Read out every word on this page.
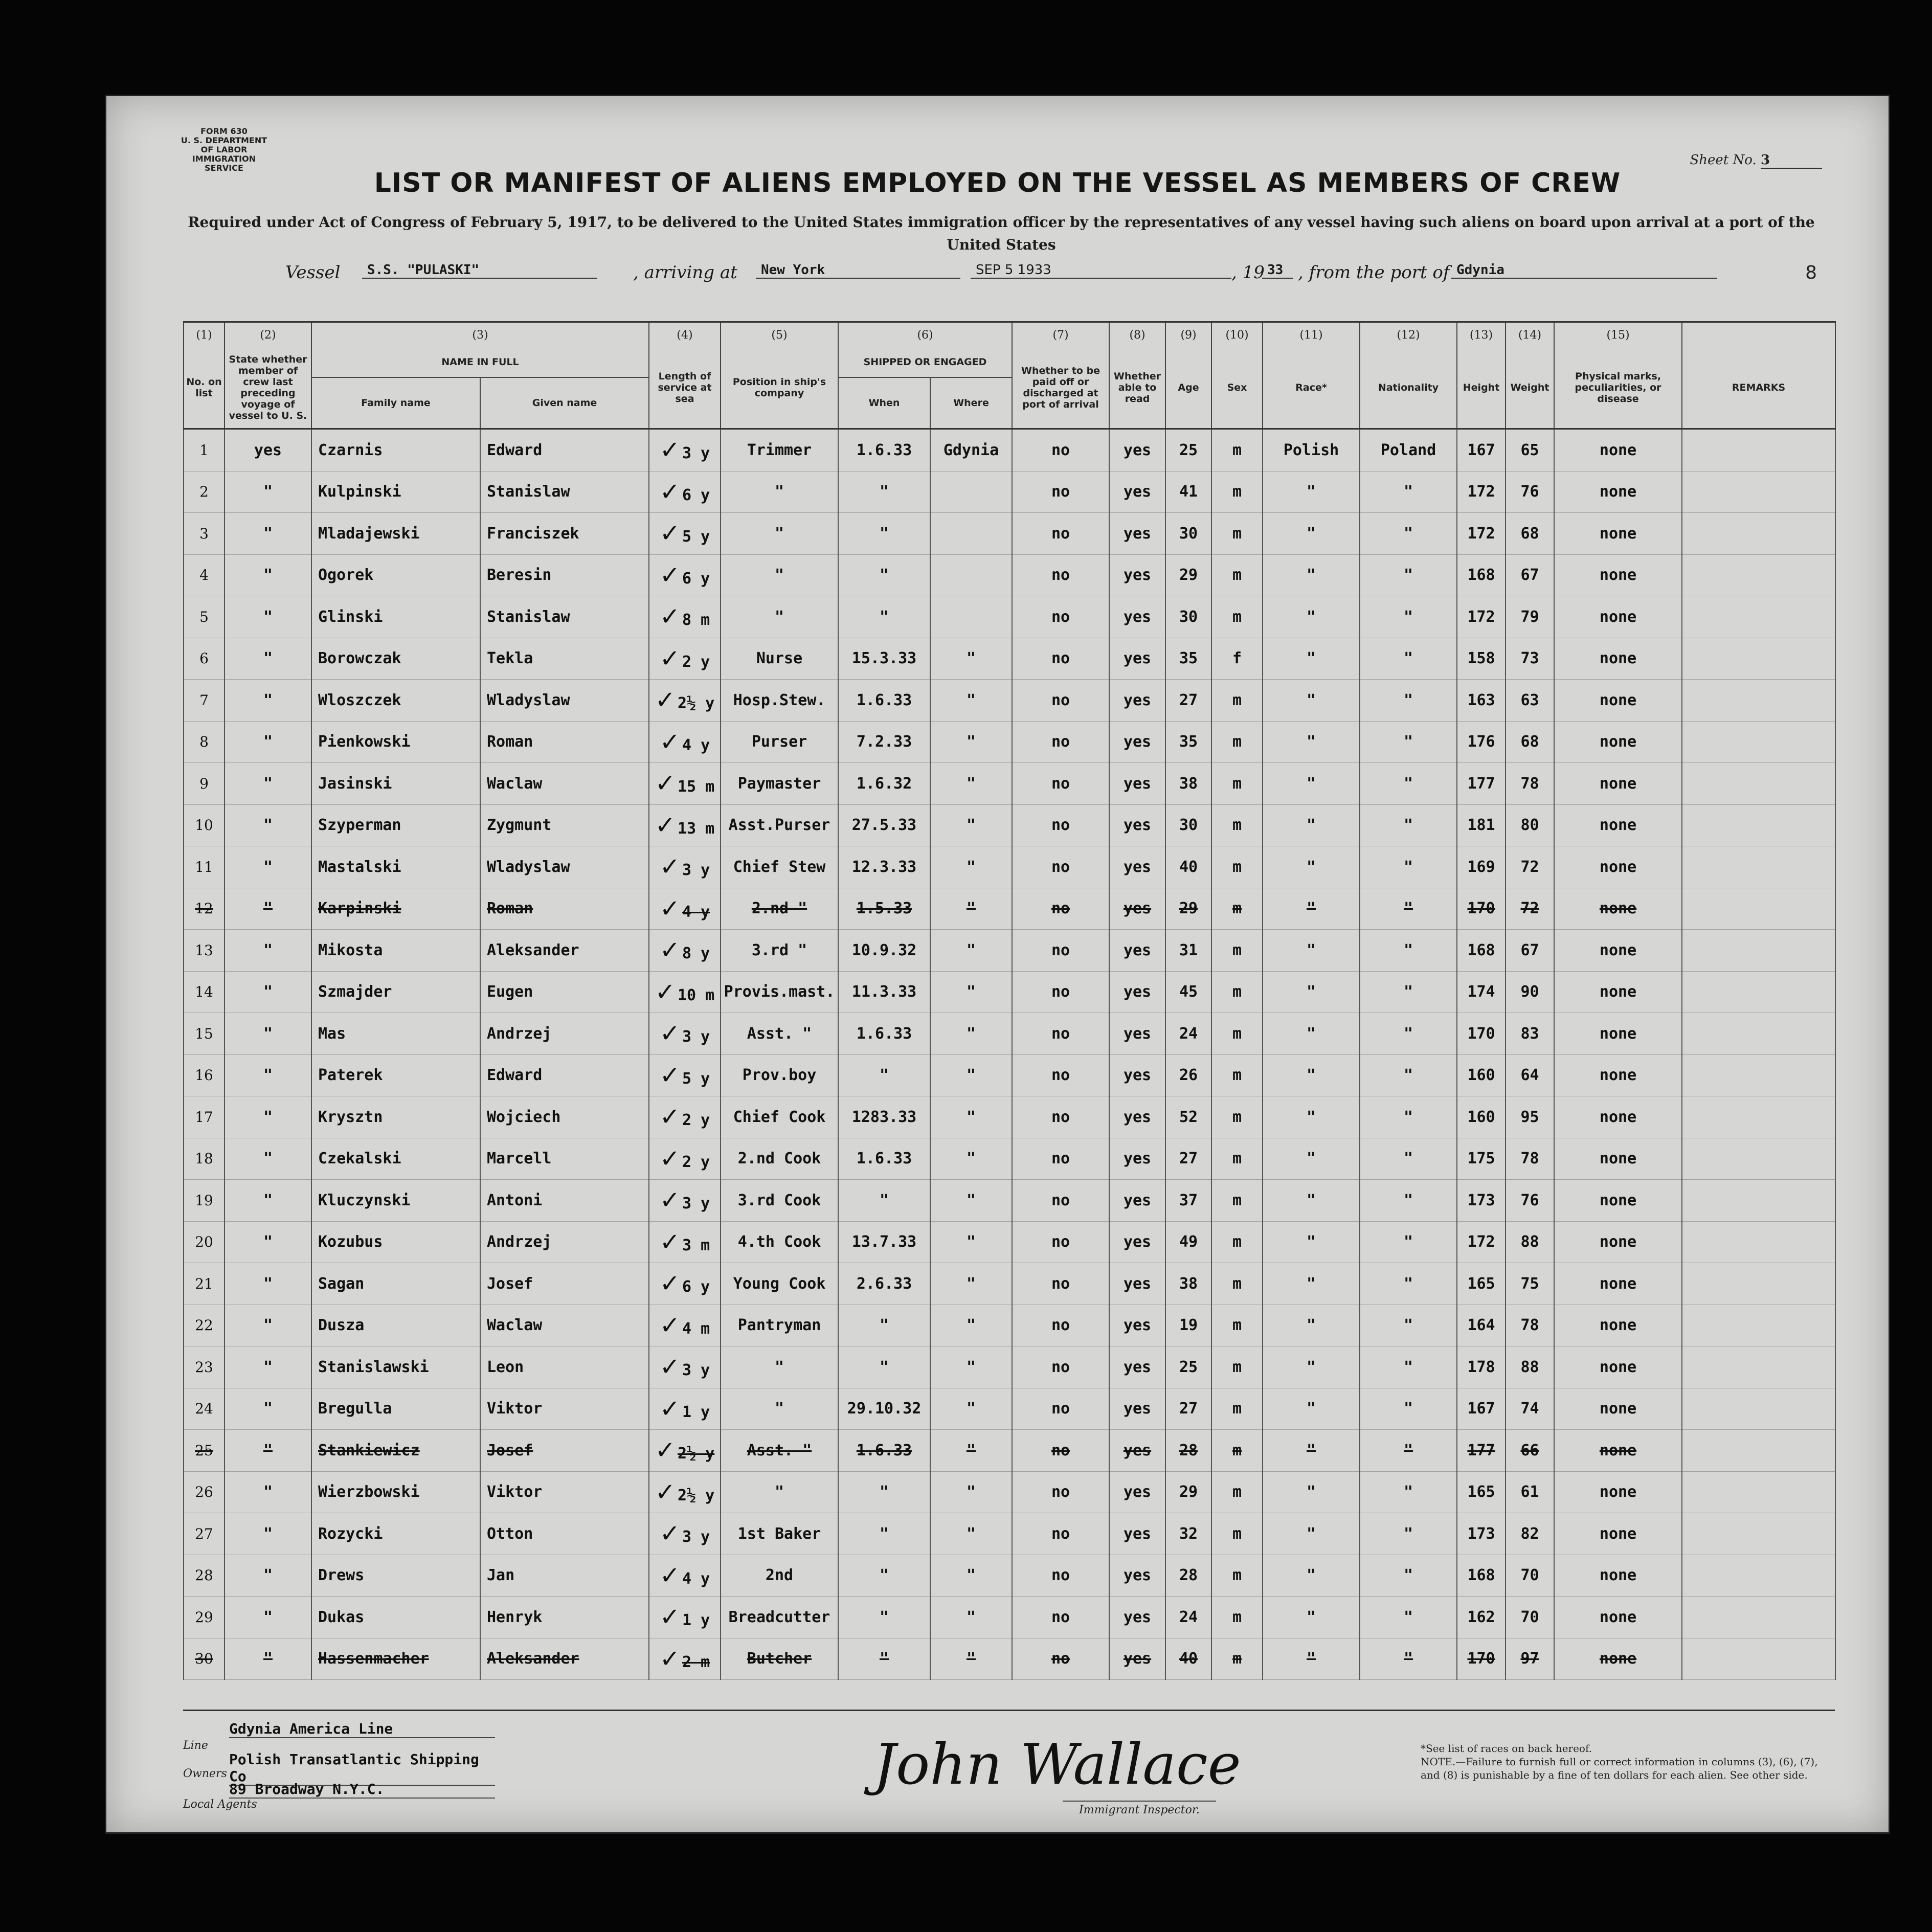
FORM 630
U. S. DEPARTMENT OF LABOR
IMMIGRATION SERVICE
Sheet No. 3
LIST OR MANIFEST OF ALIENS EMPLOYED ON THE VESSEL AS MEMBERS OF CREW
Required under Act of Congress of February 5, 1917, to be delivered to the United States immigration officer by the representatives of any vessel having such aliens on board upon arrival at a port of the United States
Vessel	S.S. "PULASKI"	, arriving at	New York	SEP 5 1933	, 19 33 , from the port of Gdynia	8
(1)	(2)	(3)		(4)	(5)	(6)		(7)	(8)	(9)	(10)	(11)	(12)	(13)	(14)	(15)	
No. on list	State whether member of crew last preceding voyage of vessel to U. S.	NAME IN FULL		Length of service at sea	Position in ship's company	SHIPPED OR ENGAGED		Whether to be paid off or discharged at port of arrival	Whether able to read	Age	Sex	Race*	Nationality	Height	Weight	Physical marks, peculiarities, or disease	REMARKS
		Family name	Given name			When	Where										
1	yes	Czarnis	Edward	✓ 3 y	Trimmer	1.6.33	Gdynia	no	yes	25	m	Polish	Poland	167	65	none	
2	"	Kulpinski	Stanislaw	✓ 6 y	"	"		no	yes	41	m	"	"	172	76	none	
3	"	Mladajewski	Franciszek	✓ 5 y	"	"		no	yes	30	m	"	"	172	68	none	
4	"	Ogorek	Beresin	✓ 6 y	"	"		no	yes	29	m	"	"	168	67	none	
5	"	Glinski	Stanislaw	✓ 8 m	"	"		no	yes	30	m	"	"	172	79	none	
6	"	Borowczak	Tekla	✓ 2 y	Nurse	15.3.33	"	no	yes	35	f	"	"	158	73	none	
7	"	Wloszczek	Wladyslaw	✓ 2½ y	Hosp.Stew.	1.6.33	"	no	yes	27	m	"	"	163	63	none	
8	"	Pienkowski	Roman	✓ 4 y	Purser	7.2.33	"	no	yes	35	m	"	"	176	68	none	
9	"	Jasinski	Waclaw	✓ 15 m	Paymaster	1.6.32	"	no	yes	38	m	"	"	177	78	none	
10	"	Szyperman	Zygmunt	✓ 13 m	Asst.Purser	27.5.33	"	no	yes	30	m	"	"	181	80	none	
11	"	Mastalski	Wladyslaw	✓ 3 y	Chief Stew	12.3.33	"	no	yes	40	m	"	"	169	72	none	
12	"	Karpinski	Roman	✓ 4 y	2.nd "	1.5.33	"	no	yes	29	m	"	"	170	72	none	
13	"	Mikosta	Aleksander	✓ 8 y	3.rd "	10.9.32	"	no	yes	31	m	"	"	168	67	none	
14	"	Szmajder	Eugen	✓ 10 m	Provis.mast.	11.3.33	"	no	yes	45	m	"	"	174	90	none	
15	"	Mas	Andrzej	✓ 3 y	Asst. "	1.6.33	"	no	yes	24	m	"	"	170	83	none	
16	"	Paterek	Edward	✓ 5 y	Prov.boy	"	"	no	yes	26	m	"	"	160	64	none	
17	"	Krysztn	Wojciech	✓ 2 y	Chief Cook	1283.33	"	no	yes	52	m	"	"	160	95	none	
18	"	Czekalski	Marcell	✓ 2 y	2.nd Cook	1.6.33	"	no	yes	27	m	"	"	175	78	none	
19	"	Kluczynski	Antoni	✓ 3 y	3.rd Cook	"	"	no	yes	37	m	"	"	173	76	none	
20	"	Kozubus	Andrzej	✓ 3 m	4.th Cook	13.7.33	"	no	yes	49	m	"	"	172	88	none	
21	"	Sagan	Josef	✓ 6 y	Young Cook	2.6.33	"	no	yes	38	m	"	"	165	75	none	
22	"	Dusza	Waclaw	✓ 4 m	Pantryman	"	"	no	yes	19	m	"	"	164	78	none	
23	"	Stanislawski	Leon	✓ 3 y	"	"	"	no	yes	25	m	"	"	178	88	none	
24	"	Bregulla	Viktor	✓ 1 y	"	29.10.32	"	no	yes	27	m	"	"	167	74	none	
25	"	Stankiewicz	Josef	✓ 2½ y	Asst. "	1.6.33	"	no	yes	28	m	"	"	177	66	none	
26	"	Wierzbowski	Viktor	✓ 2½ y	"	"	"	no	yes	29	m	"	"	165	61	none	
27	"	Rozycki	Otton	✓ 3 y	1st Baker	"	"	no	yes	32	m	"	"	173	82	none	
28	"	Drews	Jan	✓ 4 y	2nd	"	"	no	yes	28	m	"	"	168	70	none	
29	"	Dukas	Henryk	✓ 1 y	Breadcutter	"	"	no	yes	24	m	"	"	162	70	none	
30	"	Hassenmacher	Aleksander	✓ 2 m	Butcher	"	"	no	yes	40	m	"	"	170	97	none	
Gdynia America Line
Line
Polish Transatlantic Shipping Co
Owners
89 Broadway N.Y.C.
Local Agents
John Wallace
Immigrant Inspector.
*See list of races on back hereof.
NOTE.—Failure to furnish full or correct information in columns (3), (6), (7), and (8) is punishable by a fine of ten dollars for each alien. See other side.
